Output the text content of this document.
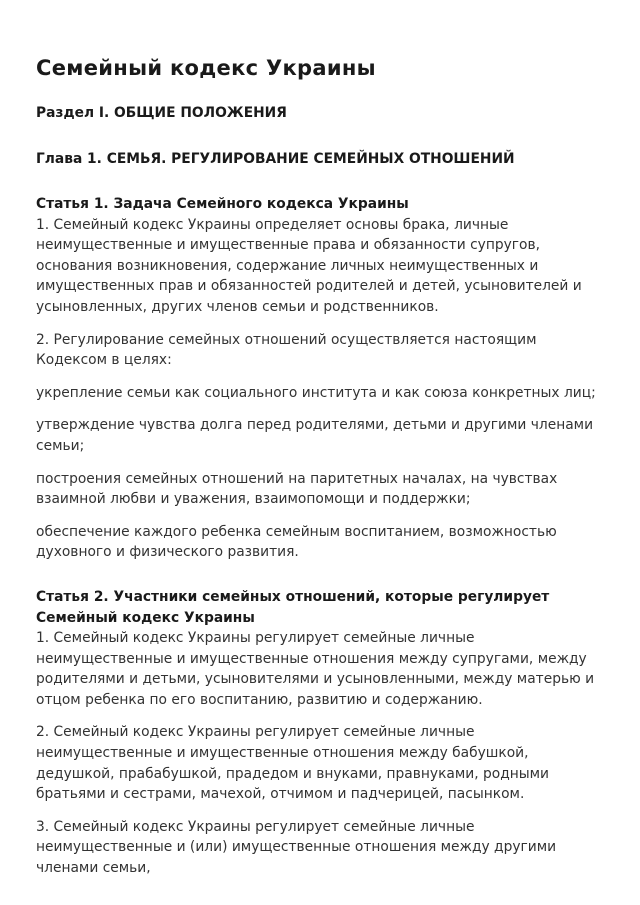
Семейный кодекс Украины
Раздел I. ОБЩИЕ ПОЛОЖЕНИЯ
Глава 1. СЕМЬЯ. РЕГУЛИРОВАНИЕ СЕМЕЙНЫХ ОТНОШЕНИЙ
Статья 1. Задача Семейного кодекса Украины

1. Семейный кодекс Украины определяет основы брака, личные неимущественные и имущественные права и обязанности супругов, основания возникновения, содержание личных неимущественных и имущественных прав и обязанностей родителей и детей, усыновителей и усыновленных, других членов семьи и родственников.

2. Регулирование семейных отношений осуществляется настоящим Кодексом в целях:

укрепление семьи как социального института и как союза конкретных лиц;

утверждение чувства долга перед родителями, детьми и другими членами семьи;

построения семейных отношений на паритетных началах, на чувствах взаимной любви и уважения, взаимопомощи и поддержки;

обеспечение каждого ребенка семейным воспитанием, возможностью духовного и физического развития.

Статья 2. Участники семейных отношений, которые регулирует Семейный кодекс Украины

1. Семейный кодекс Украины регулирует семейные личные неимущественные и имущественные отношения между супругами, между родителями и детьми, усыновителями и усыновленными, между матерью и отцом ребенка по его воспитанию, развитию и содержанию.

2. Семейный кодекс Украины регулирует семейные личные неимущественные и имущественные отношения между бабушкой, дедушкой, прабабушкой, прадедом и внуками, правнуками, родными братьями и сестрами, мачехой, отчимом и падчерицей, пасынком.

3. Семейный кодекс Украины регулирует семейные личные неимущественные и (или) имущественные отношения между другими членами семьи,
